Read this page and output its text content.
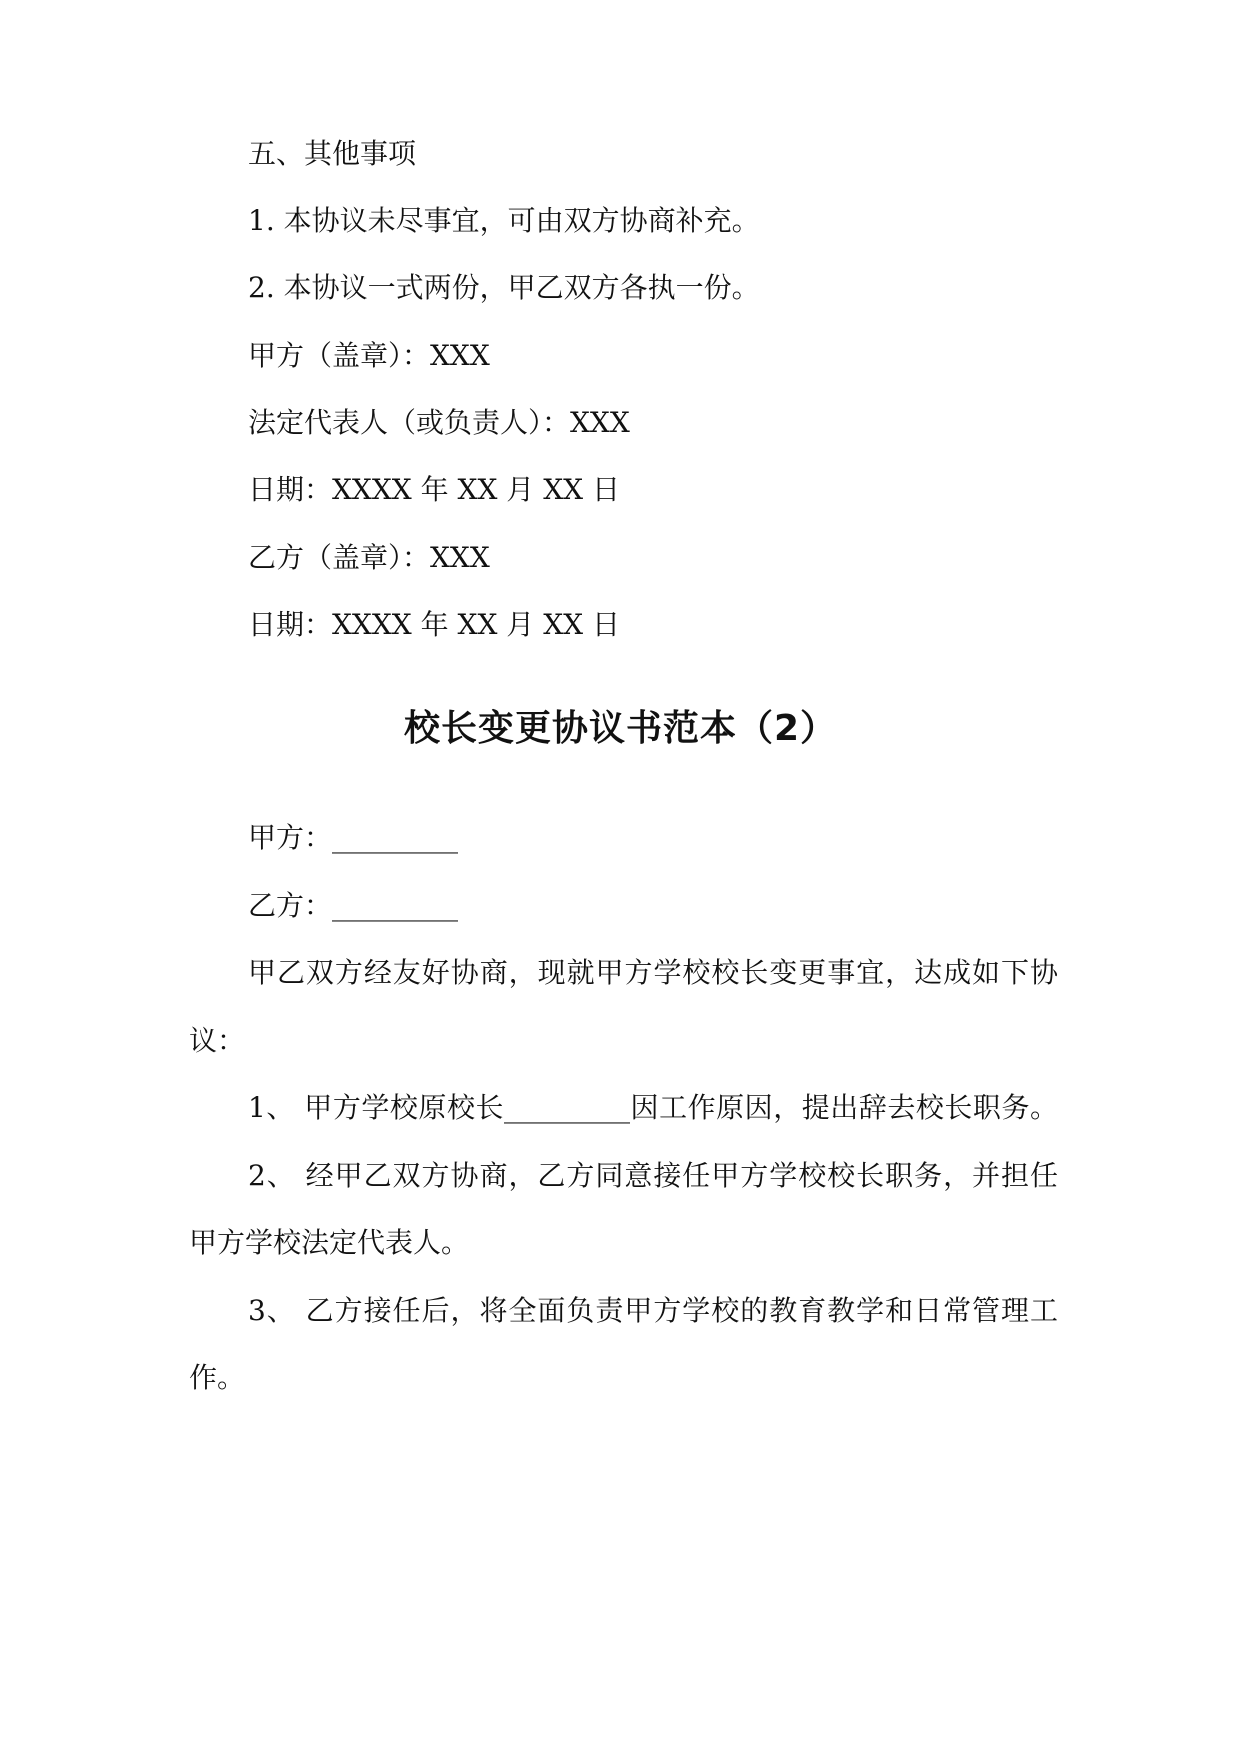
五、其他事项
1. 本协议未尽事宜，可由双方协商补充。
2. 本协议一式两份，甲乙双方各执一份。
甲方（盖章）：XXX
法定代表人（或负责人）：XXX
日期：XXXX 年 XX 月 XX 日
乙方（盖章）：XXX
日期：XXXX 年 XX 月 XX 日
校长变更协议书范本（2）
甲方：_________
乙方：_________
甲乙双方经友好协商，现就甲方学校校长变更事宜，达成如下协
议：
1、 甲方学校原校长_________因工作原因，提出辞去校长职务。
2、 经甲乙双方协商，乙方同意接任甲方学校校长职务，并担任
甲方学校法定代表人。
3、 乙方接任后，将全面负责甲方学校的教育教学和日常管理工
作。
